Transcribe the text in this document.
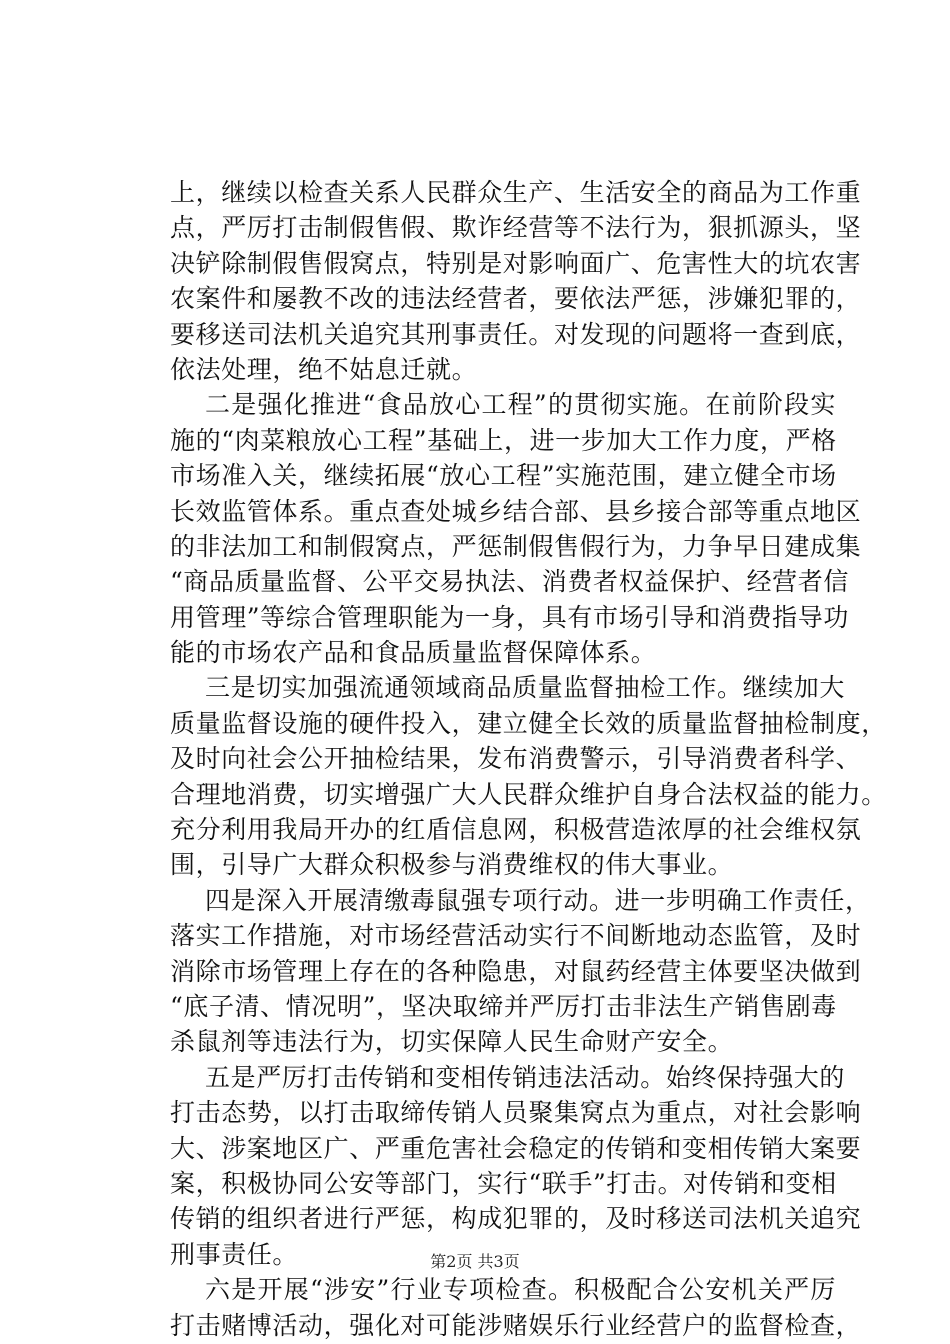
上，继续以检查关系人民群众生产、生活安全的商品为工作重
点，严厉打击制假售假、欺诈经营等不法行为，狠抓源头，坚
决铲除制假售假窝点，特别是对影响面广、危害性大的坑农害
农案件和屡教不改的违法经营者，要依法严惩，涉嫌犯罪的，
要移送司法机关追究其刑事责任。对发现的问题将一查到底，
依法处理，绝不姑息迁就。
二是强化推进“食品放心工程”的贯彻实施。在前阶段实
施的“肉菜粮放心工程”基础上，进一步加大工作力度，严格
市场准入关，继续拓展“放心工程”实施范围，建立健全市场
长效监管体系。重点查处城乡结合部、县乡接合部等重点地区
的非法加工和制假窝点，严惩制假售假行为，力争早日建成集
“商品质量监督、公平交易执法、消费者权益保护、经营者信
用管理”等综合管理职能为一身，具有市场引导和消费指导功
能的市场农产品和食品质量监督保障体系。
三是切实加强流通领域商品质量监督抽检工作。继续加大
质量监督设施的硬件投入，建立健全长效的质量监督抽检制度，
及时向社会公开抽检结果，发布消费警示，引导消费者科学、
合理地消费，切实增强广大人民群众维护自身合法权益的能力。
充分利用我局开办的红盾信息网，积极营造浓厚的社会维权氛
围，引导广大群众积极参与消费维权的伟大事业。
四是深入开展清缴毒鼠强专项行动。进一步明确工作责任，
落实工作措施，对市场经营活动实行不间断地动态监管，及时
消除市场管理上存在的各种隐患，对鼠药经营主体要坚决做到
“底子清、情况明”，坚决取缔并严厉打击非法生产销售剧毒
杀鼠剂等违法行为，切实保障人民生命财产安全。
五是严厉打击传销和变相传销违法活动。始终保持强大的
打击态势，以打击取缔传销人员聚集窝点为重点，对社会影响
大、涉案地区广、严重危害社会稳定的传销和变相传销大案要
案，积极协同公安等部门，实行“联手”打击。对传销和变相
传销的组织者进行严惩，构成犯罪的，及时移送司法机关追究
刑事责任。
六是开展“涉安”行业专项检查。积极配合公安机关严厉
打击赌博活动，强化对可能涉赌娱乐行业经营户的监督检查，
第2页 共3页
